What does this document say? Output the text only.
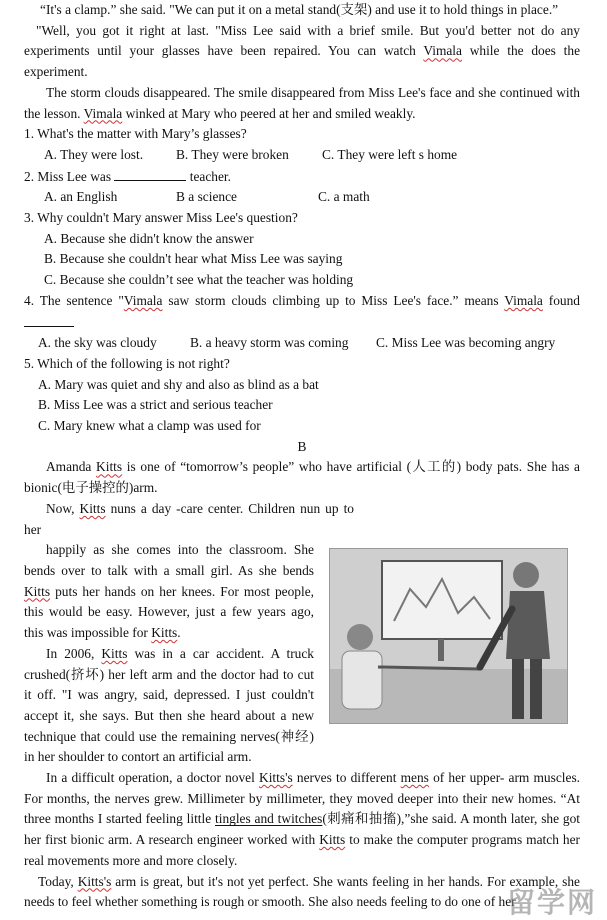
“It's a clamp.” she said. "We can put it on a metal stand(支架) and use it to hold things in place.”

"Well, you got it right at last. "Miss Lee said with a brief smile. But you'd better not do any experiments until your glasses have been repaired. You can watch Vimala while the does the experiment.

The storm clouds disappeared. The smile disappeared from Miss Lee's face and she continued with the lesson. Vimala winked at Mary who peered at her and smiled weakly.

1. What's the matter with Mary’s glasses?

A. They were lost.	B. They were broken	C. They were left s home

2. Miss Lee was	teacher.

A. an English	B a science	C. a math

3. Why couldn't Mary answer Miss Lee's question?

A. Because she didn't know the answer
B. Because she couldn't hear what Miss Lee was saying
C. Because she couldn’t see what the teacher was holding

4. The sentence "Vimala saw storm clouds climbing up to Miss Lee's face.” means Vimala found

A. the sky was cloudy	B. a heavy storm was coming	C. Miss Lee was becoming angry

5. Which of the following is not right?

A. Mary was quiet and shy and also as blind as a bat
B. Miss Lee was a strict and serious teacher
C. Mary knew what a clamp was used for
B

Amanda Kitts is one of “tomorrow’s people” who have artificial (人工的) body pats. She has a bionic(电子操控的)arm.

Now, Kitts nuns a day -care center. Children nun up to her

happily as she comes into the classroom. She bends over to talk with a small girl. As she bends Kitts puts her hands on her knees. For most people, this would be easy. However, just a few years ago, this was impossible for Kitts.

In 2006, Kitts was in a car accident. A truck crushed(挤坏) her left arm and the doctor had to cut it off. "I was angry, said, depressed. I just couldn't accept it, she says. But then she heard about a new technique that could use the remaining nerves(神经) in her shoulder to contort an artificial arm.

In a difficult operation, a doctor novel Kitts's nerves to different mens of her upper- arm muscles. For months, the nerves grew. Millimeter by millimeter, they moved deeper into their new homes. “At three months I started feeling little tingles and twitches(刺痛和抽搐),”she said. A month later, she got her first bionic arm. A research engineer worked with Kitts to make the computer programs match her real movements more and more closely.

Today, Kitts's arm is great, but it's not yet perfect. She wants feeling in her hands. For example, she needs to feel whether something is rough or smooth. She also needs feeling to do one of her

留学网
